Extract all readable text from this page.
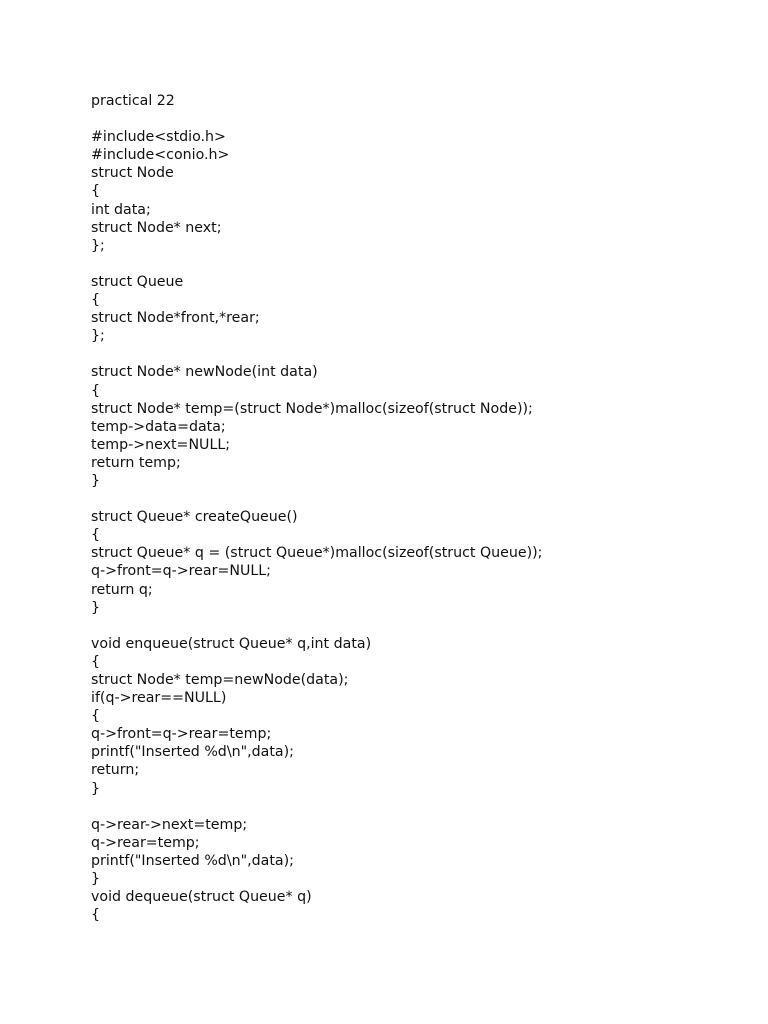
practical 22
#include<stdio.h>
#include<conio.h>
struct Node
{
int data;
struct Node* next;
};
struct Queue
{
struct Node*front,*rear;
};
struct Node* newNode(int data)
{
struct Node* temp=(struct Node*)malloc(sizeof(struct Node));
temp->data=data;
temp->next=NULL;
return temp;
}
struct Queue* createQueue()
{
struct Queue* q = (struct Queue*)malloc(sizeof(struct Queue));
q->front=q->rear=NULL;
return q;
}
void enqueue(struct Queue* q,int data)
{
struct Node* temp=newNode(data);
if(q->rear==NULL)
{
q->front=q->rear=temp;
printf("Inserted %d\n",data);
return;
}
q->rear->next=temp;
q->rear=temp;
printf("Inserted %d\n",data);
}
void dequeue(struct Queue* q)
{
